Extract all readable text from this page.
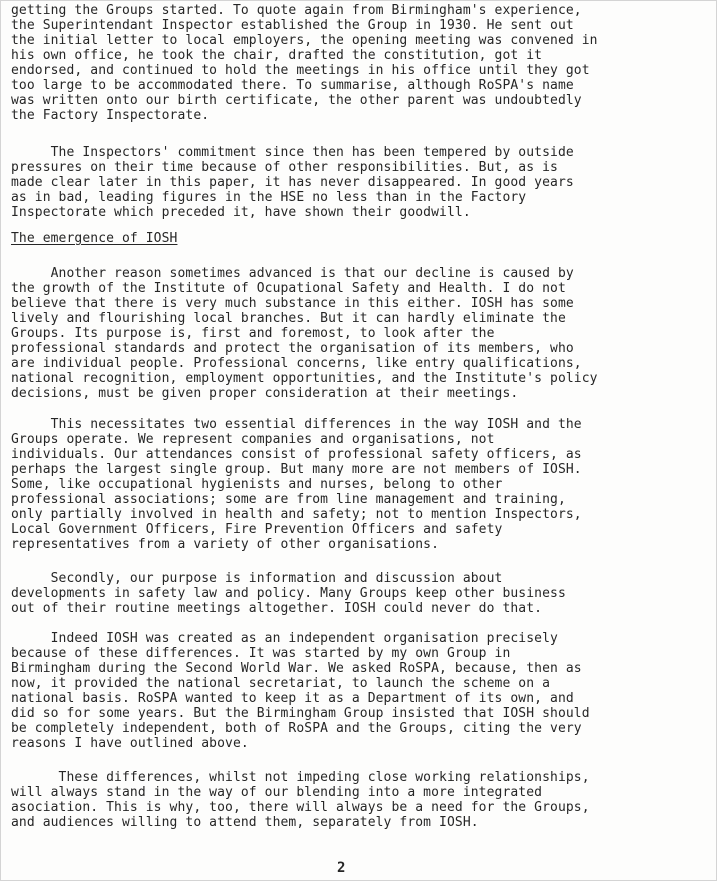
getting the Groups started. To quote again from Birmingham's experience,
the Superintendant Inspector established the Group in 1930. He sent out
the initial letter to local employers, the opening meeting was convened in
his own office, he took the chair, drafted the constitution, got it
endorsed, and continued to hold the meetings in his office until they got
too large to be accommodated there. To summarise, although RoSPA's name
was written onto our birth certificate, the other parent was undoubtedly
the Factory Inspectorate.

The Inspectors' commitment since then has been tempered by outside
pressures on their time because of other responsibilities. But, as is
made clear later in this paper, it has never disappeared. In good years
as in bad, leading figures in the HSE no less than in the Factory
Inspectorate which preceded it, have shown their goodwill.

The emergence of IOSH

Another reason sometimes advanced is that our decline is caused by
the growth of the Institute of Ocupational Safety and Health. I do not
believe that there is very much substance in this either. IOSH has some
lively and flourishing local branches. But it can hardly eliminate the
Groups. Its purpose is, first and foremost, to look after the
professional standards and protect the organisation of its members, who
are individual people. Professional concerns, like entry qualifications,
national recognition, employment opportunities, and the Institute's policy
decisions, must be given proper consideration at their meetings.

This necessitates two essential differences in the way IOSH and the
Groups operate. We represent companies and organisations, not
individuals. Our attendances consist of professional safety officers, as
perhaps the largest single group. But many more are not members of IOSH.
Some, like occupational hygienists and nurses, belong to other
professional associations; some are from line management and training,
only partially involved in health and safety; not to mention Inspectors,
Local Government Officers, Fire Prevention Officers and safety
representatives from a variety of other organisations.

Secondly, our purpose is information and discussion about
developments in safety law and policy. Many Groups keep other business
out of their routine meetings altogether. IOSH could never do that.

Indeed IOSH was created as an independent organisation precisely
because of these differences. It was started by my own Group in
Birmingham during the Second World War. We asked RoSPA, because, then as
now, it provided the national secretariat, to launch the scheme on a
national basis. RoSPA wanted to keep it as a Department of its own, and
did so for some years. But the Birmingham Group insisted that IOSH should
be completely independent, both of RoSPA and the Groups, citing the very
reasons I have outlined above.

These differences, whilst not impeding close working relationships,
will always stand in the way of our blending into a more integrated
asociation. This is why, too, there will always be a need for the Groups,
and audiences willing to attend them, separately from IOSH.

2
